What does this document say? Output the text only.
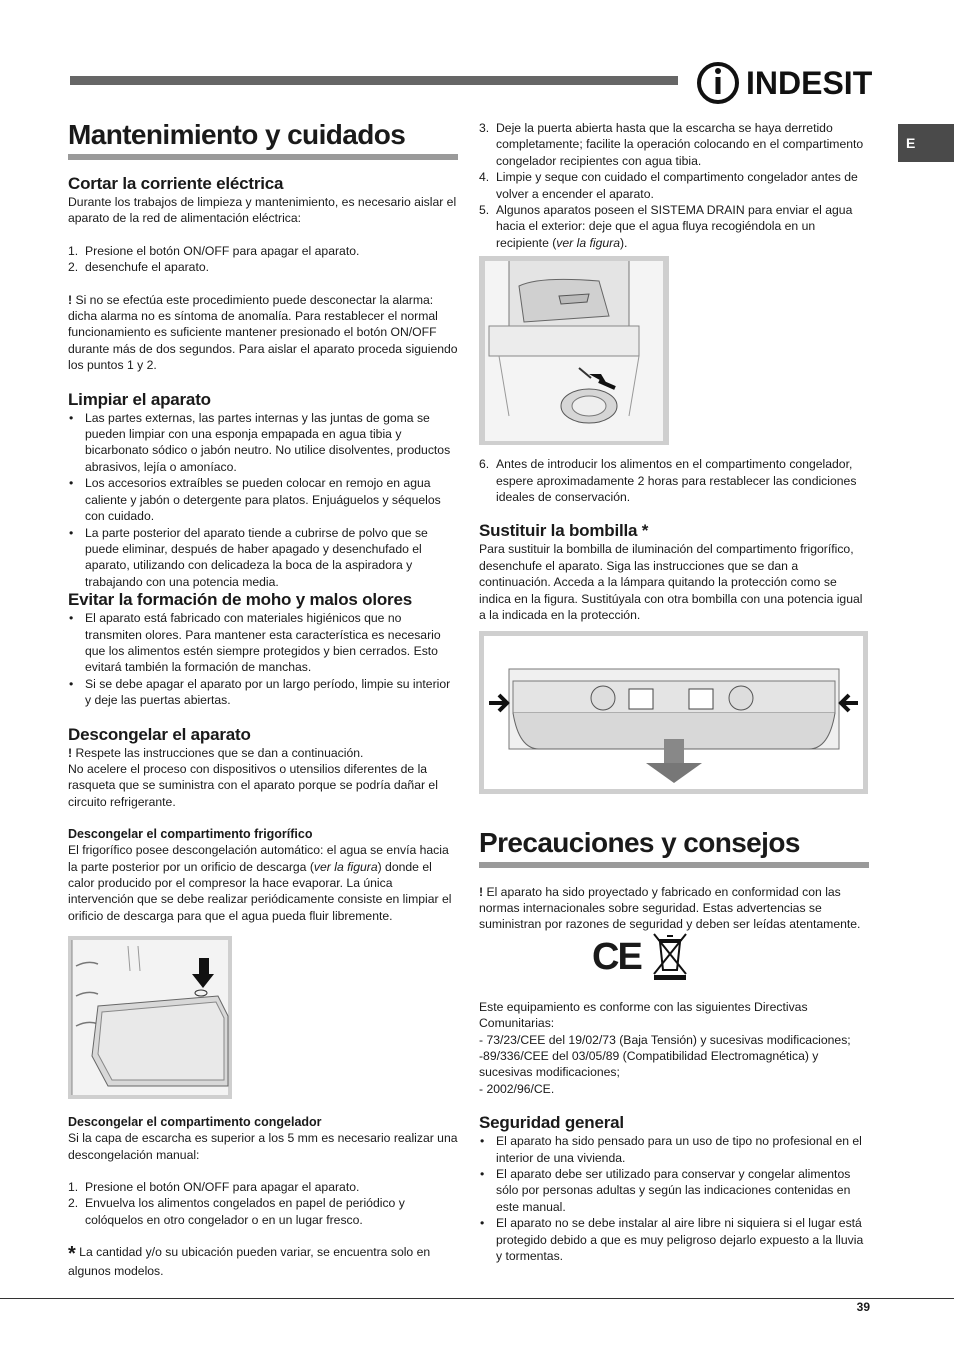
INDESIT
E
Mantenimiento y cuidados
Cortar la corriente eléctrica

Durante los trabajos de limpieza y mantenimiento, es necesario aislar el aparato de la red de alimentación eléctrica:

1. Presione el botón ON/OFF para apagar el aparato.
2. desenchufe el aparato.

! Si no se efectúa este procedimiento puede desconectar la alarma: dicha alarma no es síntoma de anomalía. Para restablecer el normal funcionamiento es suficiente mantener presionado el botón ON/OFF durante más de dos segundos. Para aislar el aparato proceda siguiendo los puntos 1 y 2.

Limpiar el aparato
• Las partes externas, las partes internas y las juntas de goma se pueden limpiar con una esponja empapada en agua tibia y bicarbonato sódico o jabón neutro. No utilice disolventes, productos abrasivos, lejía o amoníaco.
• Los accesorios extraíbles se pueden colocar en remojo en agua caliente y jabón o detergente para platos. Enjuáguelos y séquelos con cuidado.
• La parte posterior del aparato tiende a cubrirse de polvo que se puede eliminar, después de haber apagado y desenchufado el aparato, utilizando con delicadeza la boca de la aspiradora y trabajando con una potencia media.
Evitar la formación de moho y malos olores
• El aparato está fabricado con materiales higiénicos que no transmiten olores. Para mantener esta característica es necesario que los alimentos estén siempre protegidos y bien cerrados. Esto evitará también la formación de manchas.
• Si se debe apagar el aparato por un largo período, limpie su interior y deje las puertas abiertas.
Descongelar el aparato

! Respete las instrucciones que se dan a continuación.

No acelere el proceso con dispositivos o utensilios diferentes de la rasqueta que se suministra con el aparato porque se podría dañar el circuito refrigerante.

Descongelar el compartimento frigorífico

El frigorífico posee descongelación automático: el agua se envía hacia la parte posterior por un orificio de descarga (ver la figura) donde el calor producido por el compresor la hace evaporar. La única intervención que se debe realizar periódicamente consiste en limpiar el orificio de descarga para que el agua pueda fluir libremente.

Descongelar el compartimento congelador

Si la capa de escarcha es superior a los 5 mm es necesario realizar una descongelación manual:

1. Presione el botón ON/OFF para apagar el aparato.
2. Envuelva los alimentos congelados en papel de periódico y colóquelos en otro congelador o en un lugar fresco.

* La cantidad y/o su ubicación pueden variar, se encuentra solo en algunos modelos.

3. Deje la puerta abierta hasta que la escarcha se haya derretido completamente; facilite la operación colocando en el compartimento congelador recipientes con agua tibia.
4. Limpie y seque con cuidado el compartimento congelador antes de volver a encender el aparato.
5. Algunos aparatos poseen el SISTEMA DRAIN para enviar el agua hacia el exterior: deje que el agua fluya recogiéndola en un recipiente (ver la figura).
6. Antes de introducir los alimentos en el compartimento congelador, espere aproximadamente 2 horas para restablecer las condiciones ideales de conservación.
Sustituir la bombilla *

Para sustituir la bombilla de iluminación del compartimento frigorífico, desenchufe el aparato. Siga las instrucciones que se dan a continuación. Acceda a la lámpara quitando la protección como se indica en la figura. Sustitúyala con otra bombilla con una potencia igual a la indicada en la protección.

Precauciones y consejos

! El aparato ha sido proyectado y fabricado en conformidad con las normas internacionales sobre seguridad. Estas advertencias se suministran por razones de seguridad y deben ser leídas atentamente.

Este equipamiento es conforme con las siguientes Directivas Comunitarias:

- 73/23/CEE del 19/02/73 (Baja Tensión) y sucesivas modificaciones;

-89/336/CEE del 03/05/89 (Compatibilidad Electromagnética) y sucesivas modificaciones;

- 2002/96/CE.

Seguridad general
• El aparato ha sido pensado para un uso de tipo no profesional en el interior de una vivienda.
• El aparato debe ser utilizado para conservar y congelar alimentos sólo por personas adultas y según las indicaciones contenidas en este manual.
• El aparato no se debe instalar al aire libre ni siquiera si el lugar está protegido debido a que es muy peligroso dejarlo expuesto a la lluvia y tormentas.
CE
39
